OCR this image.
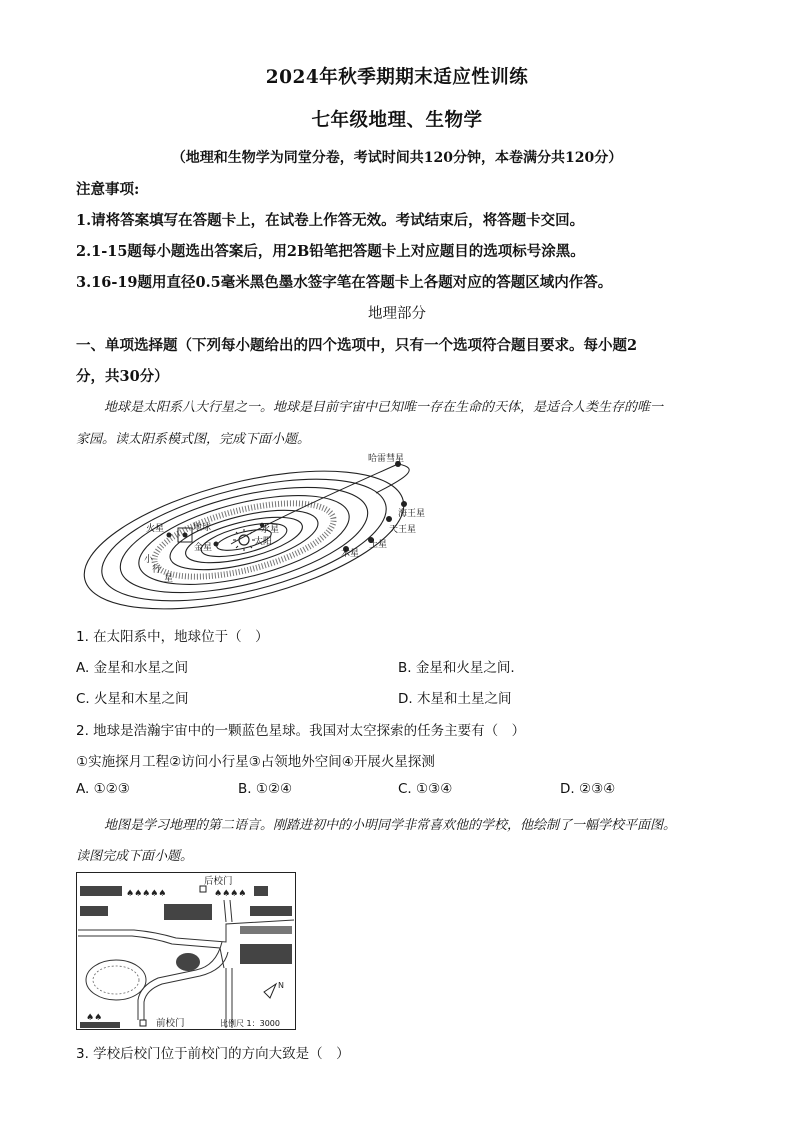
2024年秋季期期末适应性训练
七年级地理、生物学
（地理和生物学为同堂分卷，考试时间共120分钟，本卷满分共120分）
注意事项:
1.请将答案填写在答题卡上，在试卷上作答无效。考试结束后，将答题卡交回。
2.1-15题每小题选出答案后，用2B铅笔把答题卡上对应题目的选项标号涂黑。
3.16-19题用直径0.5毫米黑色墨水签字笔在答题卡上各题对应的答题区域内作答。
地理部分
一、单项选择题（下列每小题给出的四个选项中，只有一个选项符合题目要求。每小题2
分，共30分）
地球是太阳系八大行星之一。地球是目前宇宙中已知唯一存在生命的天体，是适合人类生存的唯一
家园。读太阳系模式图，完成下面小题。
哈雷彗星
海王星
天王星
土星
木星
火星	地球	水星
金星
太阳
小
行
星
1. 在太阳系中，地球位于（　）
A. 金星和水星之间	B. 金星和火星之间.
C. 火星和木星之间	D. 木星和土星之间
2. 地球是浩瀚宇宙中的一颗蓝色星球。我国对太空探索的任务主要有（　）
①实施探月工程②访问小行星③占领地外空间④开展火星探测
A. ①②③	B. ①②④	C. ①③④	D. ②③④
地图是学习地理的第二语言。刚踏进初中的小明同学非常喜欢他的学校，他绘制了一幅学校平面图。
读图完成下面小题。
♠♠♠♠♠	♠♠♠♠
♠♠
N
后校门
前校门	比例尺 1：3000
3. 学校后校门位于前校门的方向大致是（　）
